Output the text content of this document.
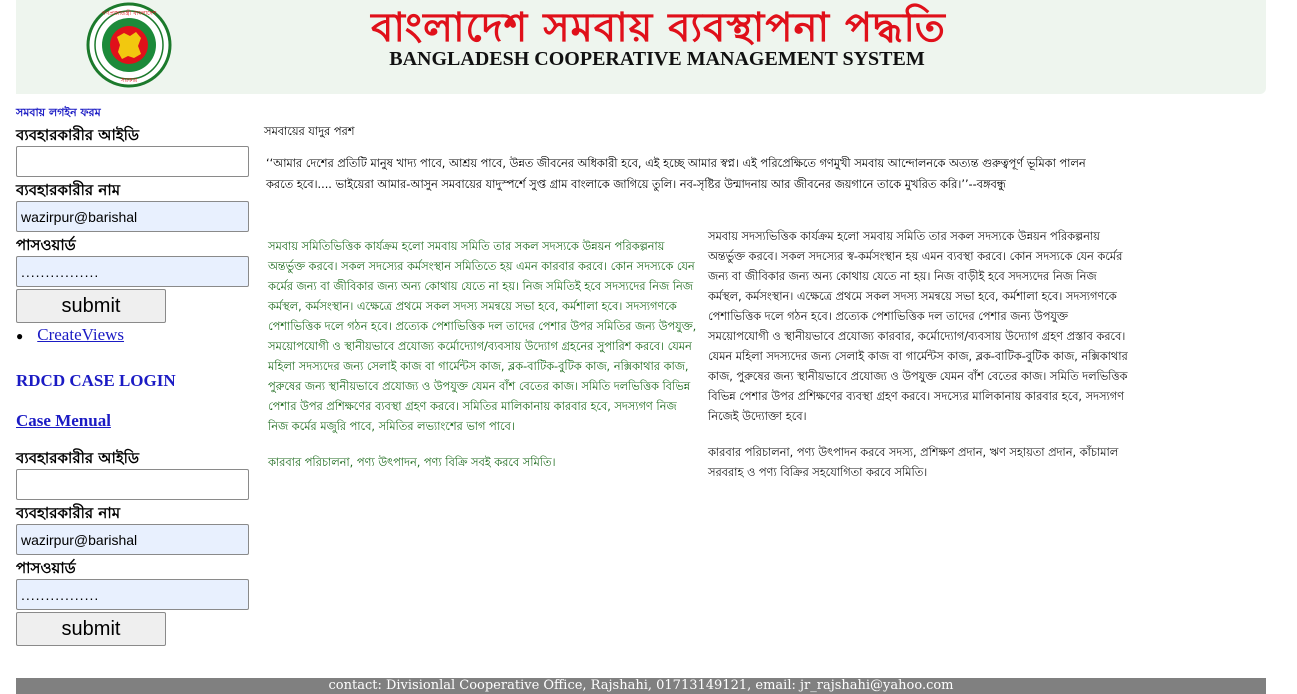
গণপ্রজাতন্ত্রী বাংলাদেশ
সরকার
বাংলাদেশ সমবায় ব্যবস্থাপনা পদ্ধতি
BANGLADESH COOPERATIVE MANAGEMENT SYSTEM
সমবায় লগইন ফরম
ব্যবহারকারীর আইডি
ব্যবহারকারীর নাম
wazirpur@barishal
পাসওয়ার্ড
................
submit
● CreateViews
RDCD CASE LOGIN
Case Menual
ব্যবহারকারীর আইডি
ব্যবহারকারীর নাম
wazirpur@barishal
পাসওয়ার্ড
................
submit

সমবায়ের যাদুর পরশ

‘‘আমার দেশের প্রতিটি মানুষ খাদ্য পাবে, আশ্রয় পাবে, উন্নত জীবনের অধিকারী হবে, এই হচ্ছে আমার স্বপ্ন। এই পরিপ্রেক্ষিতে গণমুখী সমবায় আন্দোলনকে অত্যন্ত গুরুত্বপূর্ণ ভূমিকা পালন করতে হবে।.... ভাইয়েরা আমার-আসুন সমবায়ের যাদুস্পর্শে সুপ্ত গ্রাম বাংলাকে জাগিয়ে তুলি। নব-সৃষ্টির উন্মাদনায় আর জীবনের জয়গানে তাকে মুখরিত করি।’’--বঙ্গবন্ধু

সমবায় সমিতিভিত্তিক কার্যক্রম হলো সমবায় সমিতি তার সকল সদস্যকে উন্নয়ন পরিকল্পনায় অন্তর্ভুক্ত করবে। সকল সদস্যের কর্মসংস্থান সমিতিতে হয় এমন কারবার করবে। কোন সদস্যকে যেন কর্মের জন্য বা জীবিকার জন্য অন্য কোথায় যেতে না হয়। নিজ সমিতিই হবে সদস্যদের নিজ নিজ কর্মস্থল, কর্মসংস্থান। এক্ষেত্রে প্রথমে সকল সদস্য সমন্বয়ে সভা হবে, কর্মশালা হবে। সদস্যগণকে পেশাভিত্তিক দলে গঠন হবে। প্রত্যেক পেশাভিত্তিক দল তাদের পেশার উপর সমিতির জন্য উপযুক্ত, সময়োপযোগী ও স্থানীয়ভাবে প্রযোজ্য কর্মোদ্যোগ/ব্যবসায় উদ্যোগ গ্রহনের সুপারিশ করবে। যেমন মহিলা সদস্যদের জন্য সেলাই কাজ বা গার্মেন্টস কাজ, ব্লক-বাটিক-বুটিক কাজ, নক্সিকাথার কাজ, পুরুষের জন্য স্থানীয়ভাবে প্রযোজ্য ও উপযুক্ত যেমন বাঁশ বেতের কাজ। সমিতি দলভিত্তিক বিভিন্ন পেশার উপর প্রশিক্ষণের ব্যবস্থা গ্রহণ করবে। সমিতির মালিকানায় কারবার হবে, সদস্যগণ নিজ নিজ কর্মের মজুরি পাবে, সমিতির লভ্যাংশের ভাগ পাবে।

কারবার পরিচালনা, পণ্য উৎপাদন, পণ্য বিক্রি সবই করবে সমিতি।

সমবায় সদস্যভিত্তিক কার্যক্রম হলো সমবায় সমিতি তার সকল সদস্যকে উন্নয়ন পরিকল্পনায় অন্তর্ভুক্ত করবে। সকল সদস্যের স্ব-কর্মসংস্থান হয় এমন ব্যবস্থা করবে। কোন সদস্যকে যেন কর্মের জন্য বা জীবিকার জন্য অন্য কোথায় যেতে না হয়। নিজ বাড়ীই হবে সদস্যদের নিজ নিজ কর্মস্থল, কর্মসংস্থান। এক্ষেত্রে প্রথমে সকল সদস্য সমন্বয়ে সভা হবে, কর্মশালা হবে। সদস্যগণকে পেশাভিত্তিক দলে গঠন হবে। প্রত্যেক পেশাভিত্তিক দল তাদের পেশার জন্য উপযুক্ত সময়োপযোগী ও স্থানীয়ভাবে প্রযোজ্য কারবার, কর্মোদ্যোগ/ব্যবসায় উদ্যোগ গ্রহণ প্রস্তাব করবে। যেমন মহিলা সদস্যদের জন্য সেলাই কাজ বা গার্মেন্টস কাজ, ব্লক-বাটিক-বুটিক কাজ, নক্সিকাথার কাজ, পুরুষের জন্য স্থানীয়ভাবে প্রযোজ্য ও উপযুক্ত যেমন বাঁশ বেতের কাজ। সমিতি দলভিত্তিক বিভিন্ন পেশার উপর প্রশিক্ষণের ব্যবস্থা গ্রহণ করবে। সদস্যের মালিকানায় কারবার হবে, সদস্যগণ নিজেই উদ্যোক্তা হবে।

কারবার পরিচালনা, পণ্য উৎপাদন করবে সদস্য, প্রশিক্ষণ প্রদান, ঋণ সহায়তা প্রদান, কাঁচামাল সরবরাহ ও পণ্য বিক্রির সহযোগিতা করবে সমিতি।

contact: Divisionlal Cooperative Office, Rajshahi, 01713149121, email: jr_rajshahi@yahoo.com
